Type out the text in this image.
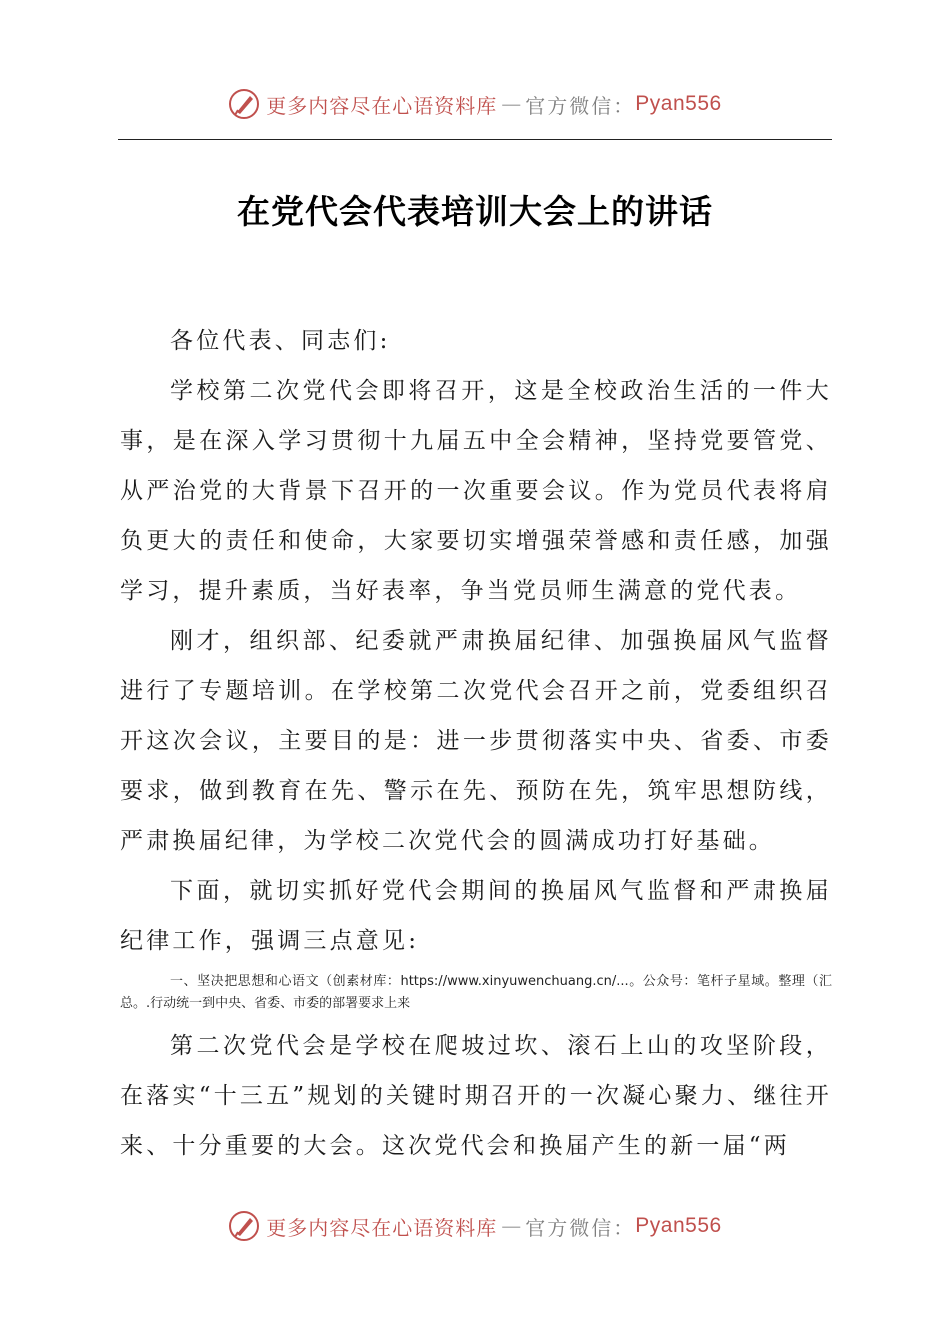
更多内容尽在心语资料库 — 官方微信： Pyan556
在党代会代表培训大会上的讲话

各位代表、同志们:

学校第二次党代会即将召开，这是全校政治生活的一件大事，是在深入学习贯彻十九届五中全会精神，坚持党要管党、从严治党的大背景下召开的一次重要会议。作为党员代表将肩负更大的责任和使命，大家要切实增强荣誉感和责任感，加强学习，提升素质，当好表率，争当党员师生满意的党代表。

刚才，组织部、纪委就严肃换届纪律、加强换届风气监督进行了专题培训。在学校第二次党代会召开之前，党委组织召开这次会议，主要目的是：进一步贯彻落实中央、省委、市委要求，做到教育在先、警示在先、预防在先，筑牢思想防线，严肃换届纪律，为学校二次党代会的圆满成功打好基础。

下面，就切实抓好党代会期间的换届风气监督和严肃换届纪律工作，强调三点意见:

一、坚决把思想和心语文（创素材库：https://www.xinyuwenchuang.cn/...。公众号：笔杆子星域。整理（汇总。.行动统一到中央、省委、市委的部署要求上来

第二次党代会是学校在爬坡过坎、滚石上山的攻坚阶段，在落实“十三五”规划的关键时期召开的一次凝心聚力、继往开来、十分重要的大会。这次党代会和换届产生的新一届“两

更多内容尽在心语资料库 — 官方微信： Pyan556
